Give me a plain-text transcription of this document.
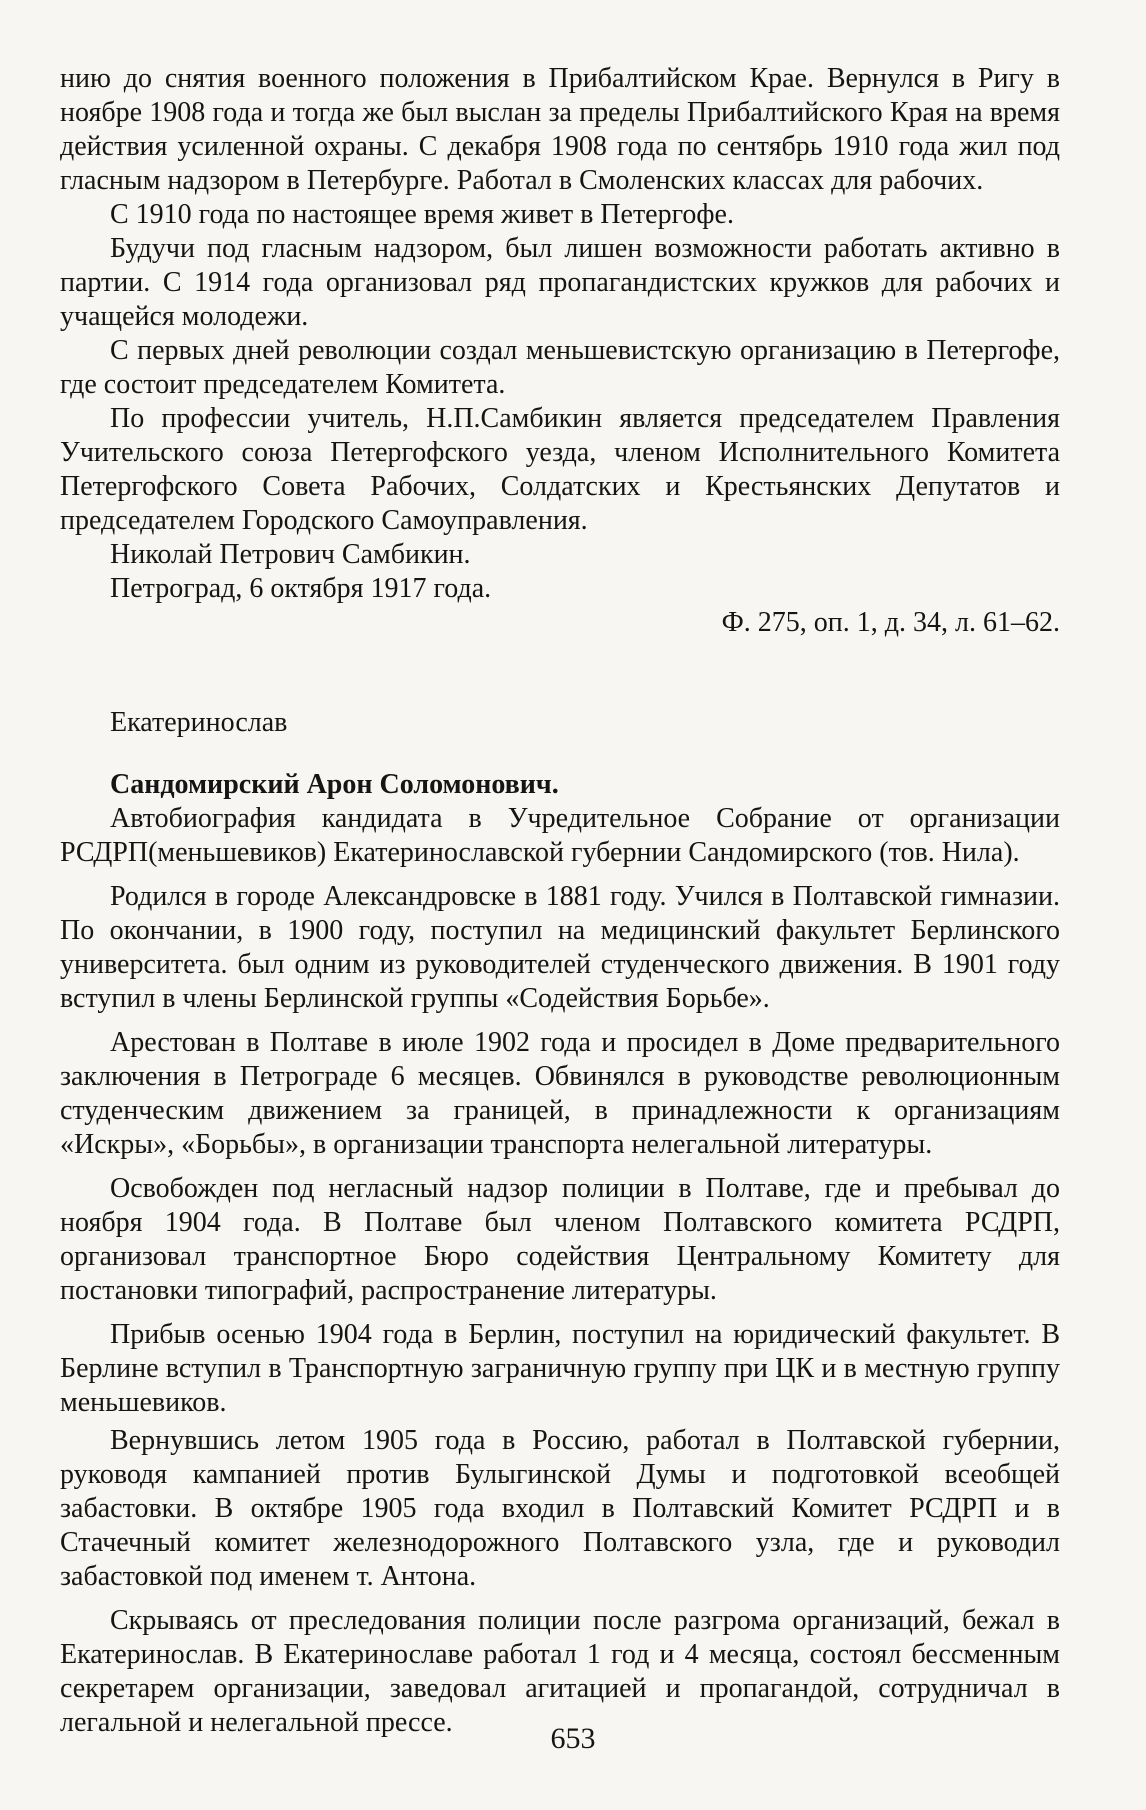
нию до снятия военного положения в Прибалтийском Крае. Вернулся в Ригу в ноябре 1908 года и тогда же был выслан за пределы Прибалтийского Края на время действия усиленной охраны. С декабря 1908 года по сентябрь 1910 года жил под гласным надзором в Петербурге. Работал в Смоленских классах для рабочих.

С 1910 года по настоящее время живет в Петергофе.

Будучи под гласным надзором, был лишен возможности работать активно в партии. С 1914 года организовал ряд пропагандистских кружков для рабочих и учащейся молодежи.

С первых дней революции создал меньшевистскую организацию в Петергофе, где состоит председателем Комитета.

По профессии учитель, Н.П.Самбикин является председателем Правления Учительского союза Петергофского уезда, членом Исполнительного Комитета Петергофского Совета Рабочих, Солдатских и Крестьянских Депутатов и председателем Городского Самоуправления.

Николай Петрович Самбикин.

Петроград, 6 октября 1917 года.

Ф. 275, оп. 1, д. 34, л. 61–62.

Екатеринослав

Сандомирский Арон Соломонович.

Автобиография кандидата в Учредительное Собрание от организации РСДРП(меньшевиков) Екатеринославской губернии Сандомирского (тов. Нила).

Родился в городе Александровске в 1881 году. Учился в Полтавской гимназии. По окончании, в 1900 году, поступил на медицинский факультет Берлинского университета. был одним из руководителей студенческого движения. В 1901 году вступил в члены Берлинской группы «Содействия Борьбе».

Арестован в Полтаве в июле 1902 года и просидел в Доме предварительного заключения в Петрограде 6 месяцев. Обвинялся в руководстве революционным студенческим движением за границей, в принадлежности к организациям «Искры», «Борьбы», в организации транспорта нелегальной литературы.

Освобожден под негласный надзор полиции в Полтаве, где и пребывал до ноября 1904 года. В Полтаве был членом Полтавского комитета РСДРП, организовал транспортное Бюро содействия Центральному Комитету для постановки типографий, распространение литературы.

Прибыв осенью 1904 года в Берлин, поступил на юридический факультет. В Берлине вступил в Транспортную заграничную группу при ЦК и в местную группу меньшевиков.

Вернувшись летом 1905 года в Россию, работал в Полтавской губернии, руководя кампанией против Булыгинской Думы и подготовкой всеобщей забастовки. В октябре 1905 года входил в Полтавский Комитет РСДРП и в Стачечный комитет железнодорожного Полтавского узла, где и руководил забастовкой под именем т. Антона.

Скрываясь от преследования полиции после разгрома организаций, бежал в Екатеринослав. В Екатеринославе работал 1 год и 4 месяца, состоял бессменным секретарем организации, заведовал агитацией и пропагандой, сотрудничал в легальной и нелегальной прессе.	653
